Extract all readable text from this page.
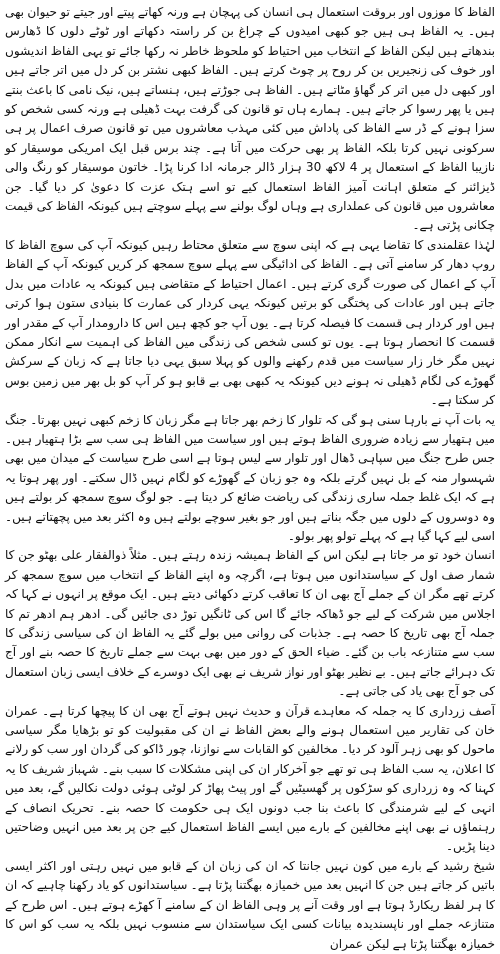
الفاظ کا موزوں اور بروقت استعمال ہی انسان کی پہچان ہے ورنہ کھاتے پیتے اور جیتے تو حیوان بھی ہیں۔ یہ الفاظ ہی ہیں جو کبھی امیدوں کے چراغ بن کر راستہ دکھاتے اور ٹوٹے دلوں کا ڈھارس بندھاتے ہیں لیکن الفاظ کے انتخاب میں احتیاط کو ملحوظ خاطر نہ رکھا جائے تو یہی الفاظ اندیشوں اور خوف کی زنجیریں بن کر روح پر چوٹ کرتے ہیں۔ الفاظ کبھی نشتر بن کر دل میں اتر جاتے ہیں اور کبھی دل میں اتر کر گھاؤ مٹاتے ہیں۔ الفاظ ہی جوڑتے ہیں، ہنساتے ہیں، نیک نامی کا باعث بنتے ہیں یا پھر رسوا کر جاتے ہیں۔ ہمارے ہاں تو قانون کی گرفت بہت ڈھیلی ہے ورنہ کسی شخص کو سزا ہونے کے ڈر سے الفاظ کی پاداش میں کئی مہذب معاشروں میں تو قانون صرف اعمال پر ہی سرکونی نہیں کرتا بلکہ الفاظ پر بھی حرکت میں آتا ہے۔ چند برس قبل ایک امریکی موسیقار کو نازیبا الفاظ کے استعمال پر 4 لاکھ 30 ہزار ڈالر جرمانہ ادا کرنا پڑا۔ خاتون موسیقار کو رنگ والی ڈیزائنر کے متعلق اہانت آمیز الفاظ استعمال کیے تو اسے ہتک عزت کا دعویٰ کر دیا گیا۔ جن معاشروں میں قانون کی عملداری ہے وہاں لوگ بولنے سے پہلے سوچتے ہیں کیونکہ الفاظ کی قیمت چکانی پڑتی ہے۔

لہٰذا عقلمندی کا تقاضا یہی ہے کہ اپنی سوچ سے متعلق محتاط رہیں کیونکہ آپ کی سوچ الفاظ کا روپ دھار کر سامنے آتی ہے۔ الفاظ کی ادائیگی سے پہلے سوچ سمجھ کر کریں کیونکہ آپ کے الفاظ آپ کے اعمال کی صورت گری کرتے ہیں۔ اعمال احتیاط کے متقاضی ہیں کیونکہ یہ عادات میں بدل جاتے ہیں اور عادات کی پختگی کو برتیں کیونکہ یہی کردار کی عمارت کا بنیادی ستون ہوا کرتی ہیں اور کردار ہی قسمت کا فیصلہ کرتا ہے۔ یوں آپ جو کچھ ہیں اس کا دارومدار آپ کے مقدر اور قسمت کا انحصار ہوتا ہے۔ یوں تو کسی شخص کی زندگی میں الفاظ کی اہمیت سے انکار ممکن نہیں مگر خار زار سیاست میں قدم رکھنے والوں کو پہلا سبق یہی دیا جاتا ہے کہ زبان کے سرکش گھوڑے کی لگام ڈھیلی نہ ہونے دیں کیونکہ یہ کبھی بھی بے قابو ہو کر آپ کو بل بھر میں زمین بوس کر سکتا ہے۔

یہ بات آپ نے بارہا سنی ہو گی کہ تلوار کا زخم بھر جاتا ہے مگر زبان کا زخم کبھی نہیں بھرتا۔ جنگ میں ہتھیار سے زیادہ ضروری الفاظ ہوتے ہیں اور سیاست میں الفاظ ہی سب سے بڑا ہتھیار ہیں۔ جس طرح جنگ میں سپاہی ڈھال اور تلوار سے لیس ہوتا ہے اسی طرح سیاست کے میدان میں بھی شہسوار منہ کے بل نہیں گرتے بلکہ وہ جو زبان کے گھوڑے کو لگام نہیں ڈال سکتے۔ اور پھر ہوتا یہ ہے کہ ایک غلط جملہ ساری زندگی کی ریاضت ضائع کر دیتا ہے۔ جو لوگ سوچ سمجھ کر بولتے ہیں وہ دوسروں کے دلوں میں جگہ بناتے ہیں اور جو بغیر سوچے بولتے ہیں وہ اکثر بعد میں پچھتاتے ہیں۔ اسی لیے کہا گیا ہے کہ پہلے تولو پھر بولو۔

انسان خود تو مر جاتا ہے لیکن اس کے الفاظ ہمیشہ زندہ رہتے ہیں۔ مثلاً ذوالفقار علی بھٹو جن کا شمار صف اول کے سیاستدانوں میں ہوتا ہے، اگرچہ وہ اپنے الفاظ کے انتخاب میں سوچ سمجھ کر کرتے تھے مگر ان کے جملے آج بھی ان کا تعاقب کرتے دکھائی دیتے ہیں۔ ایک موقع پر انہوں نے کہا کہ اجلاس میں شرکت کے لیے جو ڈھاکہ جائے گا اس کی ٹانگیں توڑ دی جائیں گی۔ ادھر ہم ادھر تم کا جملہ آج بھی تاریخ کا حصہ ہے۔ جذبات کی روانی میں بولے گئے یہ الفاظ ان کی سیاسی زندگی کا سب سے متنازعہ باب بن گئے۔ ضیاء الحق کے دور میں بھی بہت سے جملے تاریخ کا حصہ بنے اور آج تک دہرائے جاتے ہیں۔ بے نظیر بھٹو اور نواز شریف نے بھی ایک دوسرے کے خلاف ایسی زبان استعمال کی جو آج بھی یاد کی جاتی ہے۔

آصف زرداری کا یہ جملہ کہ معاہدے قرآن و حدیث نہیں ہوتے آج بھی ان کا پیچھا کرتا ہے۔ عمران خان کی تقاریر میں استعمال ہونے والے بعض الفاظ نے ان کی مقبولیت کو تو بڑھایا مگر سیاسی ماحول کو بھی زہر آلود کر دیا۔ مخالفین کو القابات سے نوازنا، چور ڈاکو کی گردان اور سب کو رلانے کا اعلان، یہ سب الفاظ ہی تو تھے جو آخرکار ان کی اپنی مشکلات کا سبب بنے۔ شہباز شریف کا یہ کہنا کہ وہ زرداری کو سڑکوں پر گھسیٹیں گے اور پیٹ پھاڑ کر لوٹی ہوئی دولت نکالیں گے، بعد میں انہی کے لیے شرمندگی کا باعث بنا جب دونوں ایک ہی حکومت کا حصہ بنے۔ تحریک انصاف کے رہنماؤں نے بھی اپنے مخالفین کے بارے میں ایسے الفاظ استعمال کیے جن پر بعد میں انہیں وضاحتیں دینا پڑیں۔

شیخ رشید کے بارے میں کون نہیں جانتا کہ ان کی زبان ان کے قابو میں نہیں رہتی اور اکثر ایسی باتیں کر جاتے ہیں جن کا انہیں بعد میں خمیازہ بھگتنا پڑتا ہے۔ سیاستدانوں کو یاد رکھنا چاہیے کہ ان کا ہر لفظ ریکارڈ ہوتا ہے اور وقت آنے پر وہی الفاظ ان کے سامنے آ کھڑے ہوتے ہیں۔ اس طرح کے متنازعہ جملے اور ناپسندیدہ بیانات کسی ایک سیاستدان سے منسوب نہیں بلکہ یہ سب کو اس کا خمیازہ بھگتنا پڑتا ہے لیکن عمران
